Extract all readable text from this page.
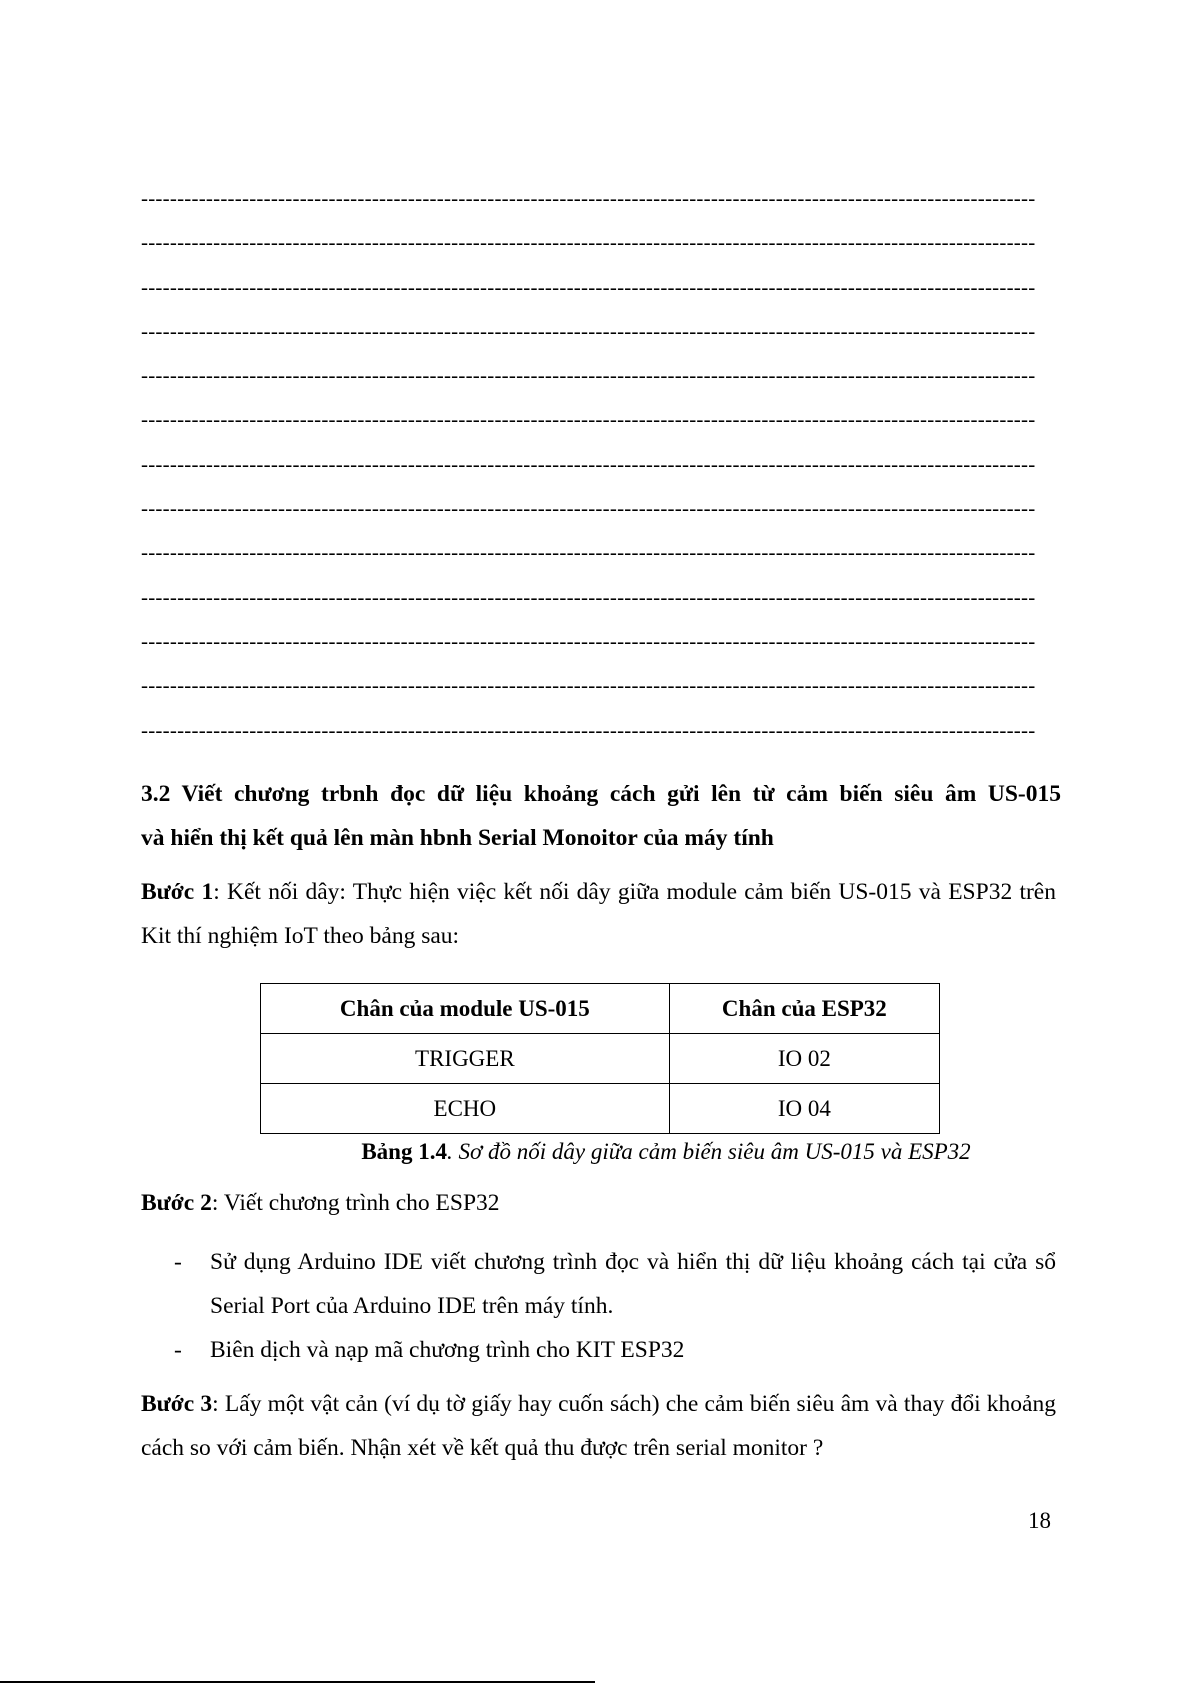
----------------------------------------------------------------------------------------------------------------------------
----------------------------------------------------------------------------------------------------------------------------
----------------------------------------------------------------------------------------------------------------------------
----------------------------------------------------------------------------------------------------------------------------
----------------------------------------------------------------------------------------------------------------------------
----------------------------------------------------------------------------------------------------------------------------
----------------------------------------------------------------------------------------------------------------------------
----------------------------------------------------------------------------------------------------------------------------
----------------------------------------------------------------------------------------------------------------------------
----------------------------------------------------------------------------------------------------------------------------
----------------------------------------------------------------------------------------------------------------------------
----------------------------------------------------------------------------------------------------------------------------
----------------------------------------------------------------------------------------------------------------------------
3.2 Viết chương trbnh đọc dữ liệu khoảng cách gửi lên từ cảm biến siêu âm US-015
và hiển thị kết quả lên màn hbnh Serial Monoitor của máy tính
Bước 1: Kết nối dây: Thực hiện việc kết nối dây giữa module cảm biến US-015 và ESP32 trên Kit thí nghiệm IoT theo bảng sau:
Chân của module US-015	Chân của ESP32
TRIGGER	IO 02
ECHO	IO 04
Bảng 1.4. Sơ đồ nối dây giữa cảm biến siêu âm US-015 và ESP32
Bước 2: Viết chương trình cho ESP32
- Sử dụng Arduino IDE viết chương trình đọc và hiển thị dữ liệu khoảng cách tại cửa sổ Serial Port của Arduino IDE trên máy tính.
- Biên dịch và nạp mã chương trình cho KIT ESP32
Bước 3: Lấy một vật cản (ví dụ tờ giấy hay cuốn sách) che cảm biến siêu âm và thay đổi khoảng cách so với cảm biến. Nhận xét về kết quả thu được trên serial monitor ?
18
